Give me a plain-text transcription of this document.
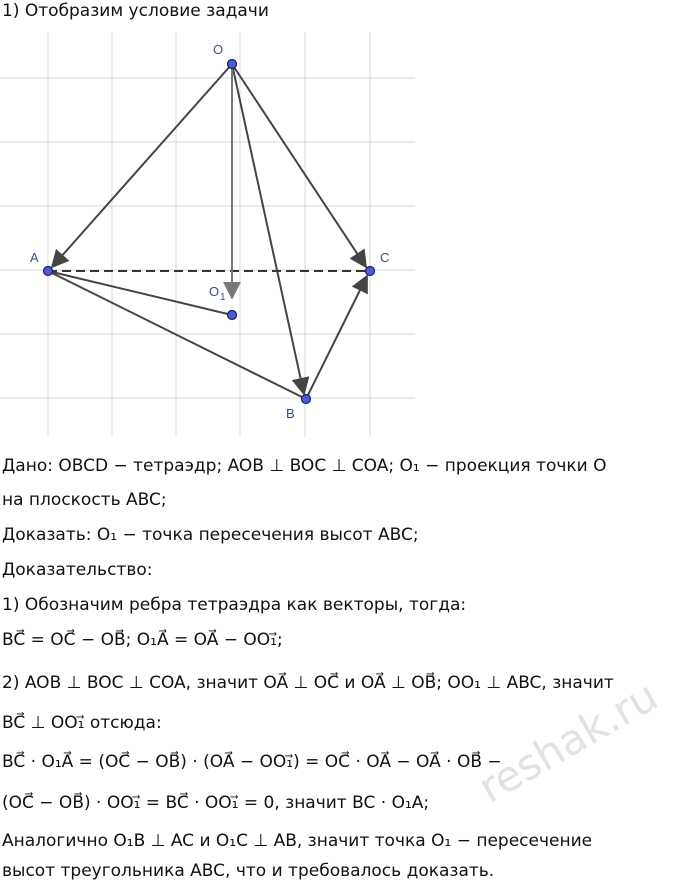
1) Отобразим условие задачи
O
A	C
B
O 1
Дано: OBCD − тетраэдр; AOB ⊥ BOC ⊥ COA; O₁ − проекция точки O
на плоскость ABC;
Доказать: O₁ − точка пересечения высот ABC;
Доказательство:
1) Обозначим ребра тетраэдра как векторы, тогда:
BC⃗ = OC⃗ − OB⃗; O₁A⃗ = OA⃗ − OO₁⃗;
2) AOB ⊥ BOC ⊥ COA, значит OA⃗ ⊥ OC⃗ и OA⃗ ⊥ OB⃗; OO₁ ⊥ ABC, значит
BC⃗ ⊥ OO₁⃗ отсюда:
BC⃗ · O₁A⃗ = (OC⃗ − OB⃗) · (OA⃗ − OO₁⃗) = OC⃗ · OA⃗ − OA⃗ · OB⃗ −
(OC⃗ − OB⃗) · OO₁⃗ = BC⃗ · OO₁⃗ = 0, значит BC · O₁A;
Аналогично O₁B ⊥ AC и O₁C ⊥ AB, значит точка O₁ − пересечение
высот треугольника ABC, что и требовалось доказать.
reshak.ru
